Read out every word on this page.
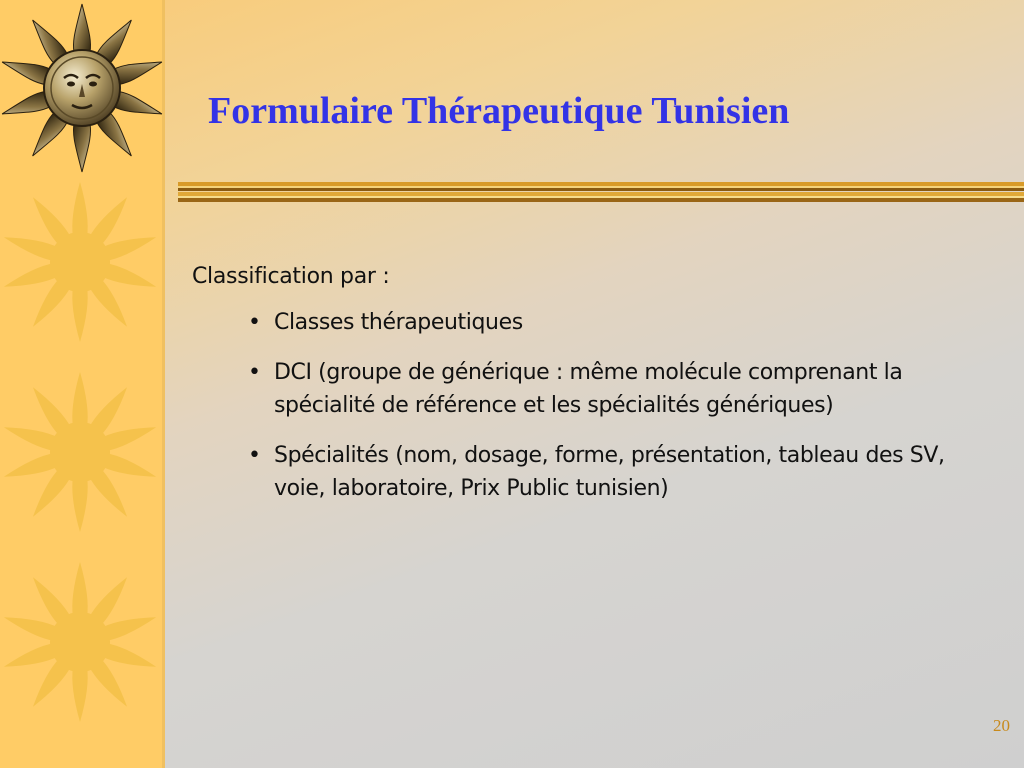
Formulaire Thérapeutique Tunisien

Classification par :

• Classes thérapeutiques
• DCI (groupe de générique : même molécule comprenant la spécialité de référence et les spécialités génériques)
• Spécialités (nom, dosage, forme, présentation, tableau des SV, voie, laboratoire, Prix Public tunisien)
20
